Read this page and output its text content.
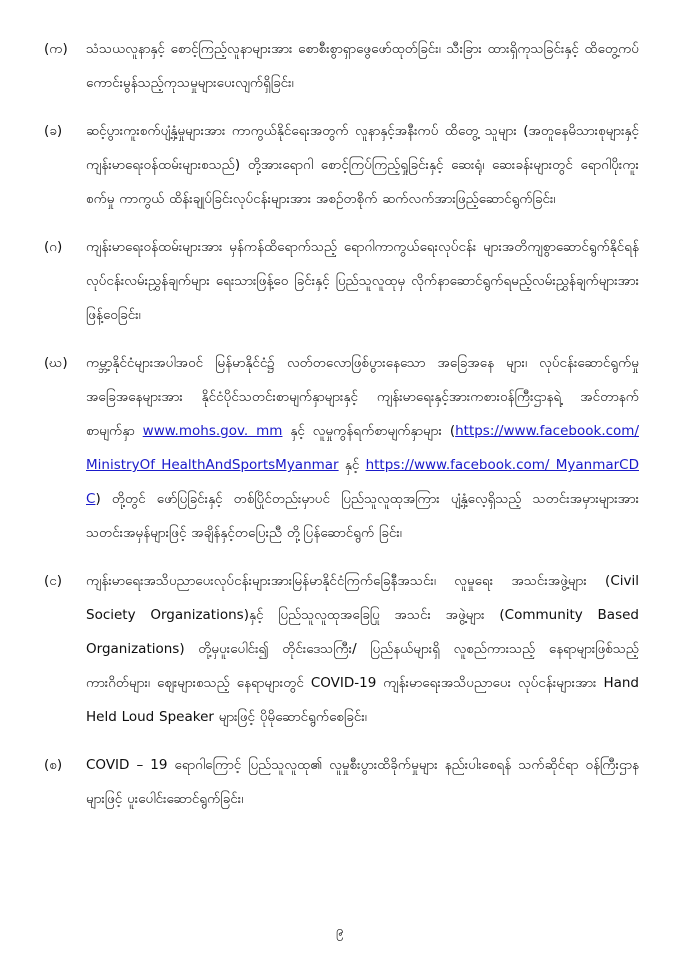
(က)	သံသယလူနာနှင့် စောင့်ကြည့်လူနာများအား စောစီးစွာရှာဖွေဖော်ထုတ်ခြင်း၊ သီးခြား ထားရှိကုသခြင်းနှင့် ထိတွေ့ကပ်ကောင်းမွန်သည့်ကုသမှုများပေးလျက်ရှိခြင်း၊
(ခ)	ဆင့်ပွားကူးစက်ပျံ့နှံ့မှုများအား ကာကွယ်နိုင်ရေးအတွက် လူနာနှင့်အနီးကပ် ထိတွေ့ သူများ (အတူနေမိသားစုများနှင့် ကျန်းမာရေးဝန်ထမ်းများစသည်) တို့အားရောဂါ စောင့်ကြပ်ကြည့်ရှုခြင်းနှင့် ဆေးရုံ၊ ဆေးခန်းများတွင် ရောဂါပိုးကူးစက်မှု ကာကွယ် ထိန်းချုပ်ခြင်းလုပ်ငန်းများအား အစဉ်တစိုက် ဆက်လက်အားဖြည့်ဆောင်ရွက်ခြင်း၊
(ဂ)	ကျန်းမာရေးဝန်ထမ်းများအား မှန်ကန်ထိရောက်သည့် ရောဂါကာကွယ်ရေးလုပ်ငန်း များအတိကျစွာဆောင်ရွက်နိုင်ရန် လုပ်ငန်းလမ်းညွှန်ချက်များ ရေးသားဖြန့်ဝေ ခြင်းနှင့် ပြည်သူလူထုမှ လိုက်နာဆောင်ရွက်ရမည့်လမ်းညွှန်ချက်များအား ဖြန့်ဝေခြင်း၊
(ဃ)	ကမ္ဘာ့နိုင်ငံများအပါအဝင် မြန်မာနိုင်ငံ၌ လတ်တလောဖြစ်ပွားနေသော အခြေအနေ များ၊ လုပ်ငန်းဆောင်ရွက်မှု အခြေအနေများအား နိုင်ငံပိုင်သတင်းစာမျက်နှာများနှင့် ကျန်းမာရေးနှင့်အားကစားဝန်ကြီးဌာနရဲ့ အင်တာနက်စာမျက်နှာ www.mohs.gov. mm နှင့် လူမှုကွန်ရက်စာမျက်နှာများ (https://www.facebook.com/ MinistryOf HealthAndSportsMyanmar နှင့် https://www.facebook.com/ MyanmarCDC) တို့တွင် ဖော်ပြခြင်းနှင့် တစ်ပြိုင်တည်းမှာပင် ပြည်သူလူထုအကြား ပျံ့နှံ့လေ့ရှိသည့် သတင်းအမှားများအား သတင်းအမှန်များဖြင့် အချိန်နှင့်တပြေးညီ တို့ပြန်ဆောင်ရွက် ခြင်း၊
(င)	ကျန်းမာရေးအသိပညာပေးလုပ်ငန်းများအားမြန်မာနိုင်ငံကြက်ခြေနီအသင်း၊ လူမှုရေး အသင်းအဖွဲ့များ (Civil Society Organizations)နှင့် ပြည်သူလူထုအခြေပြု အသင်း အဖွဲ့များ (Community Based Organizations) တို့မှပူးပေါင်း၍ တိုင်းဒေသကြီး/ ပြည်နယ်များရှိ လူစည်ကားသည့် နေရာများဖြစ်သည့် ကားဂိတ်များ၊ ဈေးများစသည့် နေရာများတွင် COVID-19 ကျန်းမာရေးအသိပညာပေး လုပ်ငန်းများအား Hand Held Loud Speaker များဖြင့် ပိုမိုဆောင်ရွက်စေခြင်း၊
(စ)	COVID – 19 ရောဂါကြောင့် ပြည်သူလူထု၏ လူမှုစီးပွားထိခိုက်မှုများ နည်းပါးစေရန် သက်ဆိုင်ရာ ဝန်ကြီးဌာနများဖြင့် ပူးပေါင်းဆောင်ရွက်ခြင်း၊
၉
